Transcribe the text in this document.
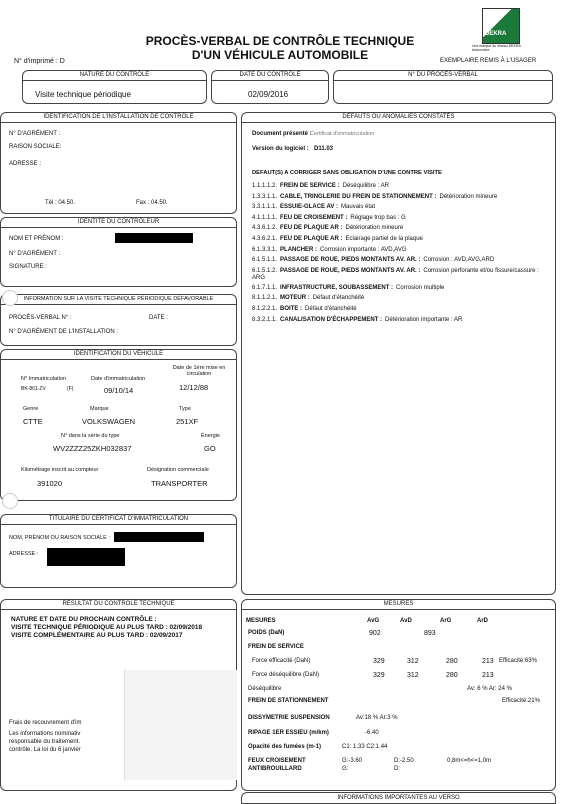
DEKRA
Une marque du réseau DEKRA Automotive
PROCÈS-VERBAL DE CONTRÔLE TECHNIQUE
D'UN VÉHICULE AUTOMOBILE
N° d'imprimé : D	EXEMPLAIRE REMIS À L'USAGER
NATURE DU CONTRÔLE
Visite technique périodique
DATE DU CONTRÔLE
02/09/2016
N° DU PROCÈS-VERBAL
IDENTIFICATION DE L'INSTALLATION DE CONTRÔLE
N° D'AGRÉMENT :
RAISON SOCIALE:
ADRESSE :
Tél : 04.50.	Fax : 04.50.
IDENTITÉ DU CONTRÔLEUR
NOM ET PRÉNOM :
N° D'AGRÉMENT :
SIGNATURE :
INFORMATION SUR LA VISITE TECHNIQUE PÉRIODIQUE DÉFAVORABLE
PROCÈS-VERBAL N° :	DATE :
N° D'AGRÉMENT DE L'INSTALLATION :
IDENTIFICATION DU VÉHICULE
N° Immatriculation
BK-861-ZV	(F)
Date d'immatriculation
09/10/14
Date de 1ère mise en circulation
12/12/88
Genre
CTTE
Marque
VOLKSWAGEN
Type
251XF
N° dans la série du type
WV2ZZZ25ZKH032837
Énergie
GO
Kilométrage inscrit au compteur
391020
Désignation commerciale
TRANSPORTER
TITULAIRE DU CERTIFICAT D'IMMATRICULATION
NOM, PRÉNOM OU RAISON SOCIALE :
ADRESSE :
RÉSULTAT DU CONTRÔLE TECHNIQUE
NATURE ET DATE DU PROCHAIN CONTRÔLE :
VISITE TECHNIQUE PÉRIODIQUE AU PLUS TARD : 02/09/2018
VISITE COMPLÉMENTAIRE AU PLUS TARD : 02/09/2017
Frais de recouvrement d'im
Les informations nominativ
responsable du traitement.
contrôle. La loi du 6 janvier
DÉFAUTS OU ANOMALIES CONSTATÉS
Document présenté :
Certificat d'immatriculation
Version du logiciel : D11.03
DEFAUT(S) A CORRIGER SANS OBLIGATION D'UNE CONTRE VISITE
1.1.1.1.2. FREIN DE SERVICE : Déséquilibre : AR
1.3.3.1.1. CABLE, TRINGLERIE DU FREIN DE STATIONNEMENT : Détérioration mineure
3.3.1.1.1. ESSUIE-GLACE AV : Mauvais état
4.1.1.1.1. FEU DE CROISEMENT : Réglage trop bas : G
4.3.6.1.2. FEU DE PLAQUE AR : Détérioration mineure
4.3.6.2.1. FEU DE PLAQUE AR : Eclairage partiel de la plaque
6.1.3.3.1. PLANCHER : Corrosion importante : AVD,AVG
6.1.5.1.1. PASSAGE DE ROUE, PIEDS MONTANTS AV. AR. : Corrosion : AVD,AVG,ARD
6.1.5.1.2. PASSAGE DE ROUE, PIEDS MONTANTS AV. AR. : Corrosion perforante et/ou fissure/cassure : ARG
6.1.7.1.1. INFRASTRUCTURE, SOUBASSEMENT : Corrosion multiple
8.1.1.2.1. MOTEUR : Défaut d'étanchéité
8.1.2.2.1. BOITE : Défaut d'étanchéité
8.3.2.1.1. CANALISATION D'ÉCHAPPEMENT : Détérioration importante : AR
MESURES
MESURES	AvG	AvD	ArG	ArD
POIDS (DaN)	902	893
FREIN DE SERVICE
Force efficacité (DaN)	329	312	280	213 Efficacité:63%
Force déséquilibre (DaN)	329	312	280	213
Déséquilibre	Av: 6 % Ar: 24 %
FREIN DE STATIONNEMENT	Efficacité:21%
DISSYMETRIE SUSPENSION	Av:18 % Ar:3 %
RIPAGE 1ER ESSIEU (m/km)	-6.40
Opacité des fumées (m-1)	C1: 1.33 C2:1.44
FEUX CROISEMENT	G:-3.60	D:-2.50	0,8m<=h<=1,0m
ANTIBROUILLARD	G:	D:
INFORMATIONS IMPORTANTES AU VERSO
